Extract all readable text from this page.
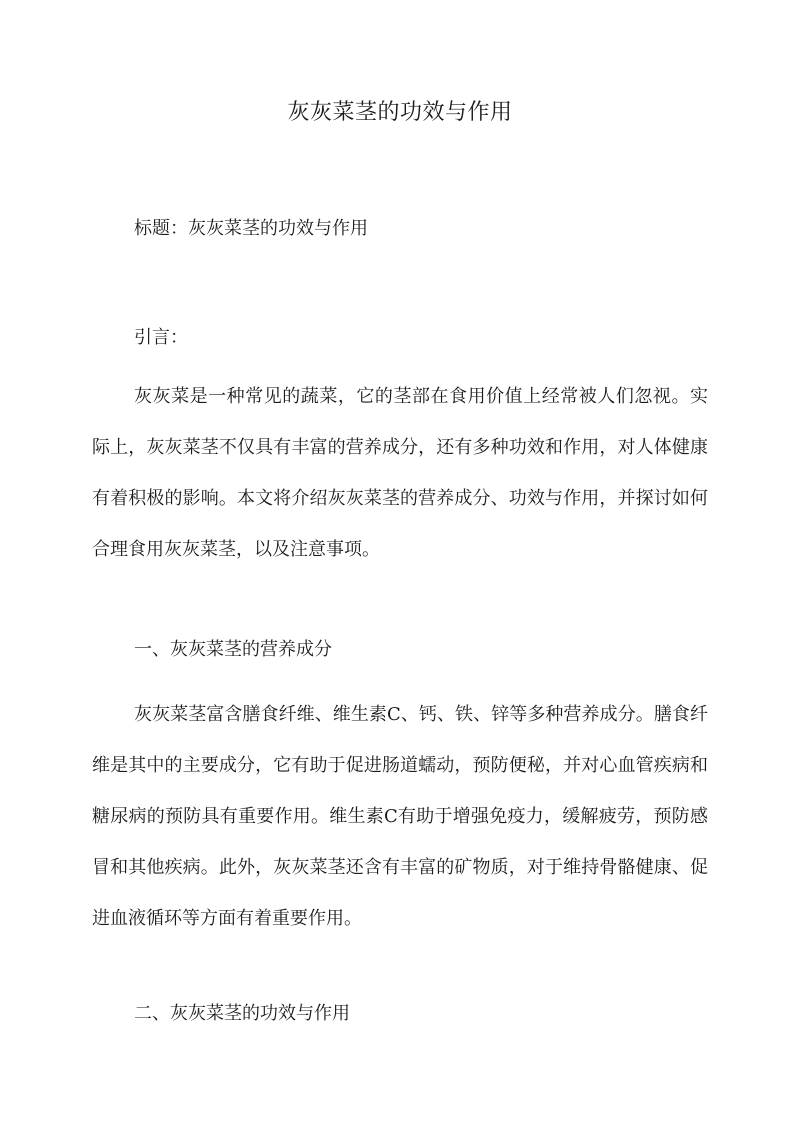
灰灰菜茎的功效与作用
标题：灰灰菜茎的功效与作用
引言：

灰灰菜是一种常见的蔬菜，它的茎部在食用价值上经常被人们忽视。实际上，灰灰菜茎不仅具有丰富的营养成分，还有多种功效和作用，对人体健康有着积极的影响。本文将介绍灰灰菜茎的营养成分、功效与作用，并探讨如何合理食用灰灰菜茎，以及注意事项。

一、灰灰菜茎的营养成分

灰灰菜茎富含膳食纤维、维生素C、钙、铁、锌等多种营养成分。膳食纤维是其中的主要成分，它有助于促进肠道蠕动，预防便秘，并对心血管疾病和糖尿病的预防具有重要作用。维生素C有助于增强免疫力，缓解疲劳，预防感冒和其他疾病。此外，灰灰菜茎还含有丰富的矿物质，对于维持骨骼健康、促进血液循环等方面有着重要作用。

二、灰灰菜茎的功效与作用
